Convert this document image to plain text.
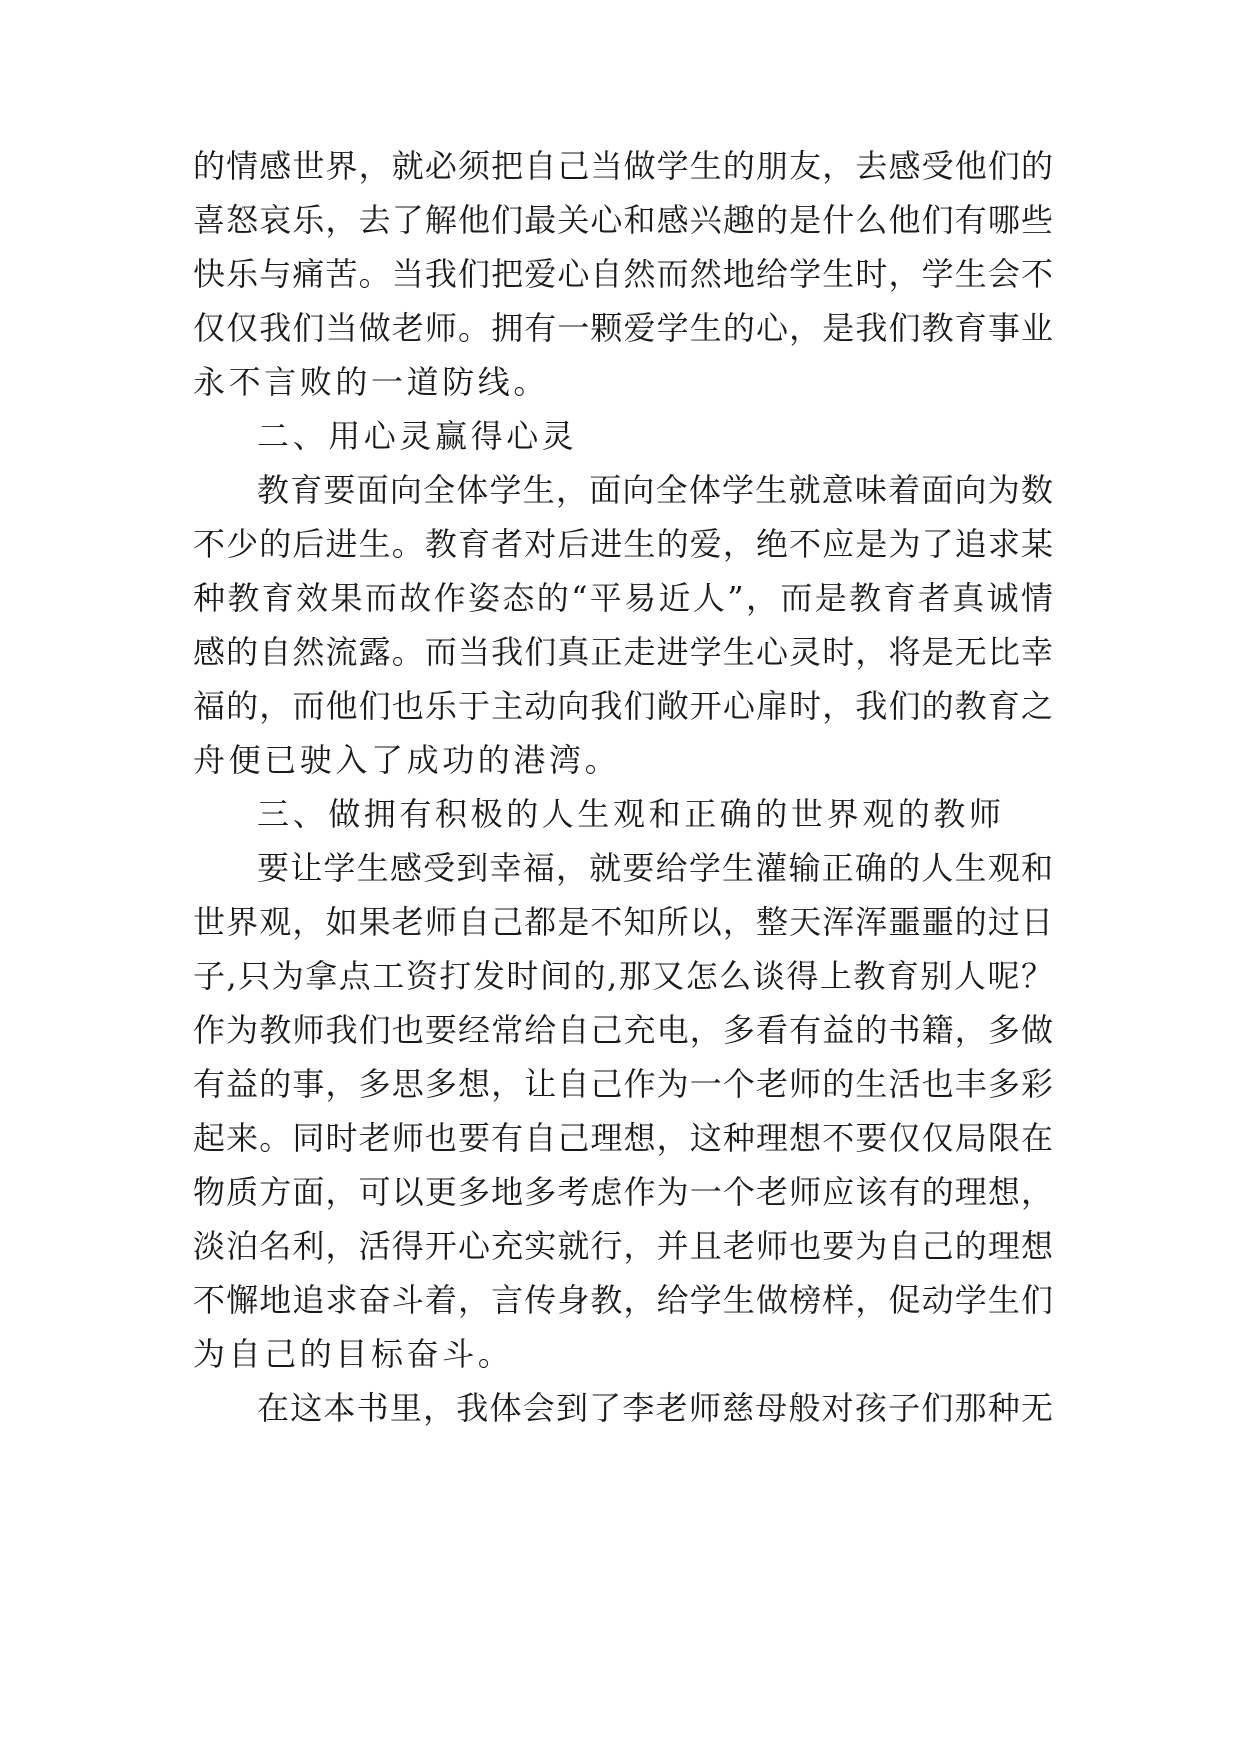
的情感世界，就必须把自己当做学生的朋友，去感受他们的
喜怒哀乐，去了解他们最关心和感兴趣的是什么他们有哪些
快乐与痛苦。当我们把爱心自然而然地给学生时，学生会不
仅仅我们当做老师。拥有一颗爱学生的心，是我们教育事业
永不言败的一道防线。
二、用心灵赢得心灵
教育要面向全体学生，面向全体学生就意味着面向为数
不少的后进生。教育者对后进生的爱，绝不应是为了追求某
种教育效果而故作姿态的“平易近人”，而是教育者真诚情
感的自然流露。而当我们真正走进学生心灵时，将是无比幸
福的，而他们也乐于主动向我们敞开心扉时，我们的教育之
舟便已驶入了成功的港湾。
三、做拥有积极的人生观和正确的世界观的教师
要让学生感受到幸福，就要给学生灌输正确的人生观和
世界观，如果老师自己都是不知所以，整天浑浑噩噩的过日
子,只为拿点工资打发时间的,那又怎么谈得上教育别人呢？
作为教师我们也要经常给自己充电，多看有益的书籍，多做
有益的事，多思多想，让自己作为一个老师的生活也丰多彩
起来。同时老师也要有自己理想，这种理想不要仅仅局限在
物质方面，可以更多地多考虑作为一个老师应该有的理想，
淡泊名利，活得开心充实就行，并且老师也要为自己的理想
不懈地追求奋斗着，言传身教，给学生做榜样，促动学生们
为自己的目标奋斗。
在这本书里，我体会到了李老师慈母般对孩子们那种无
